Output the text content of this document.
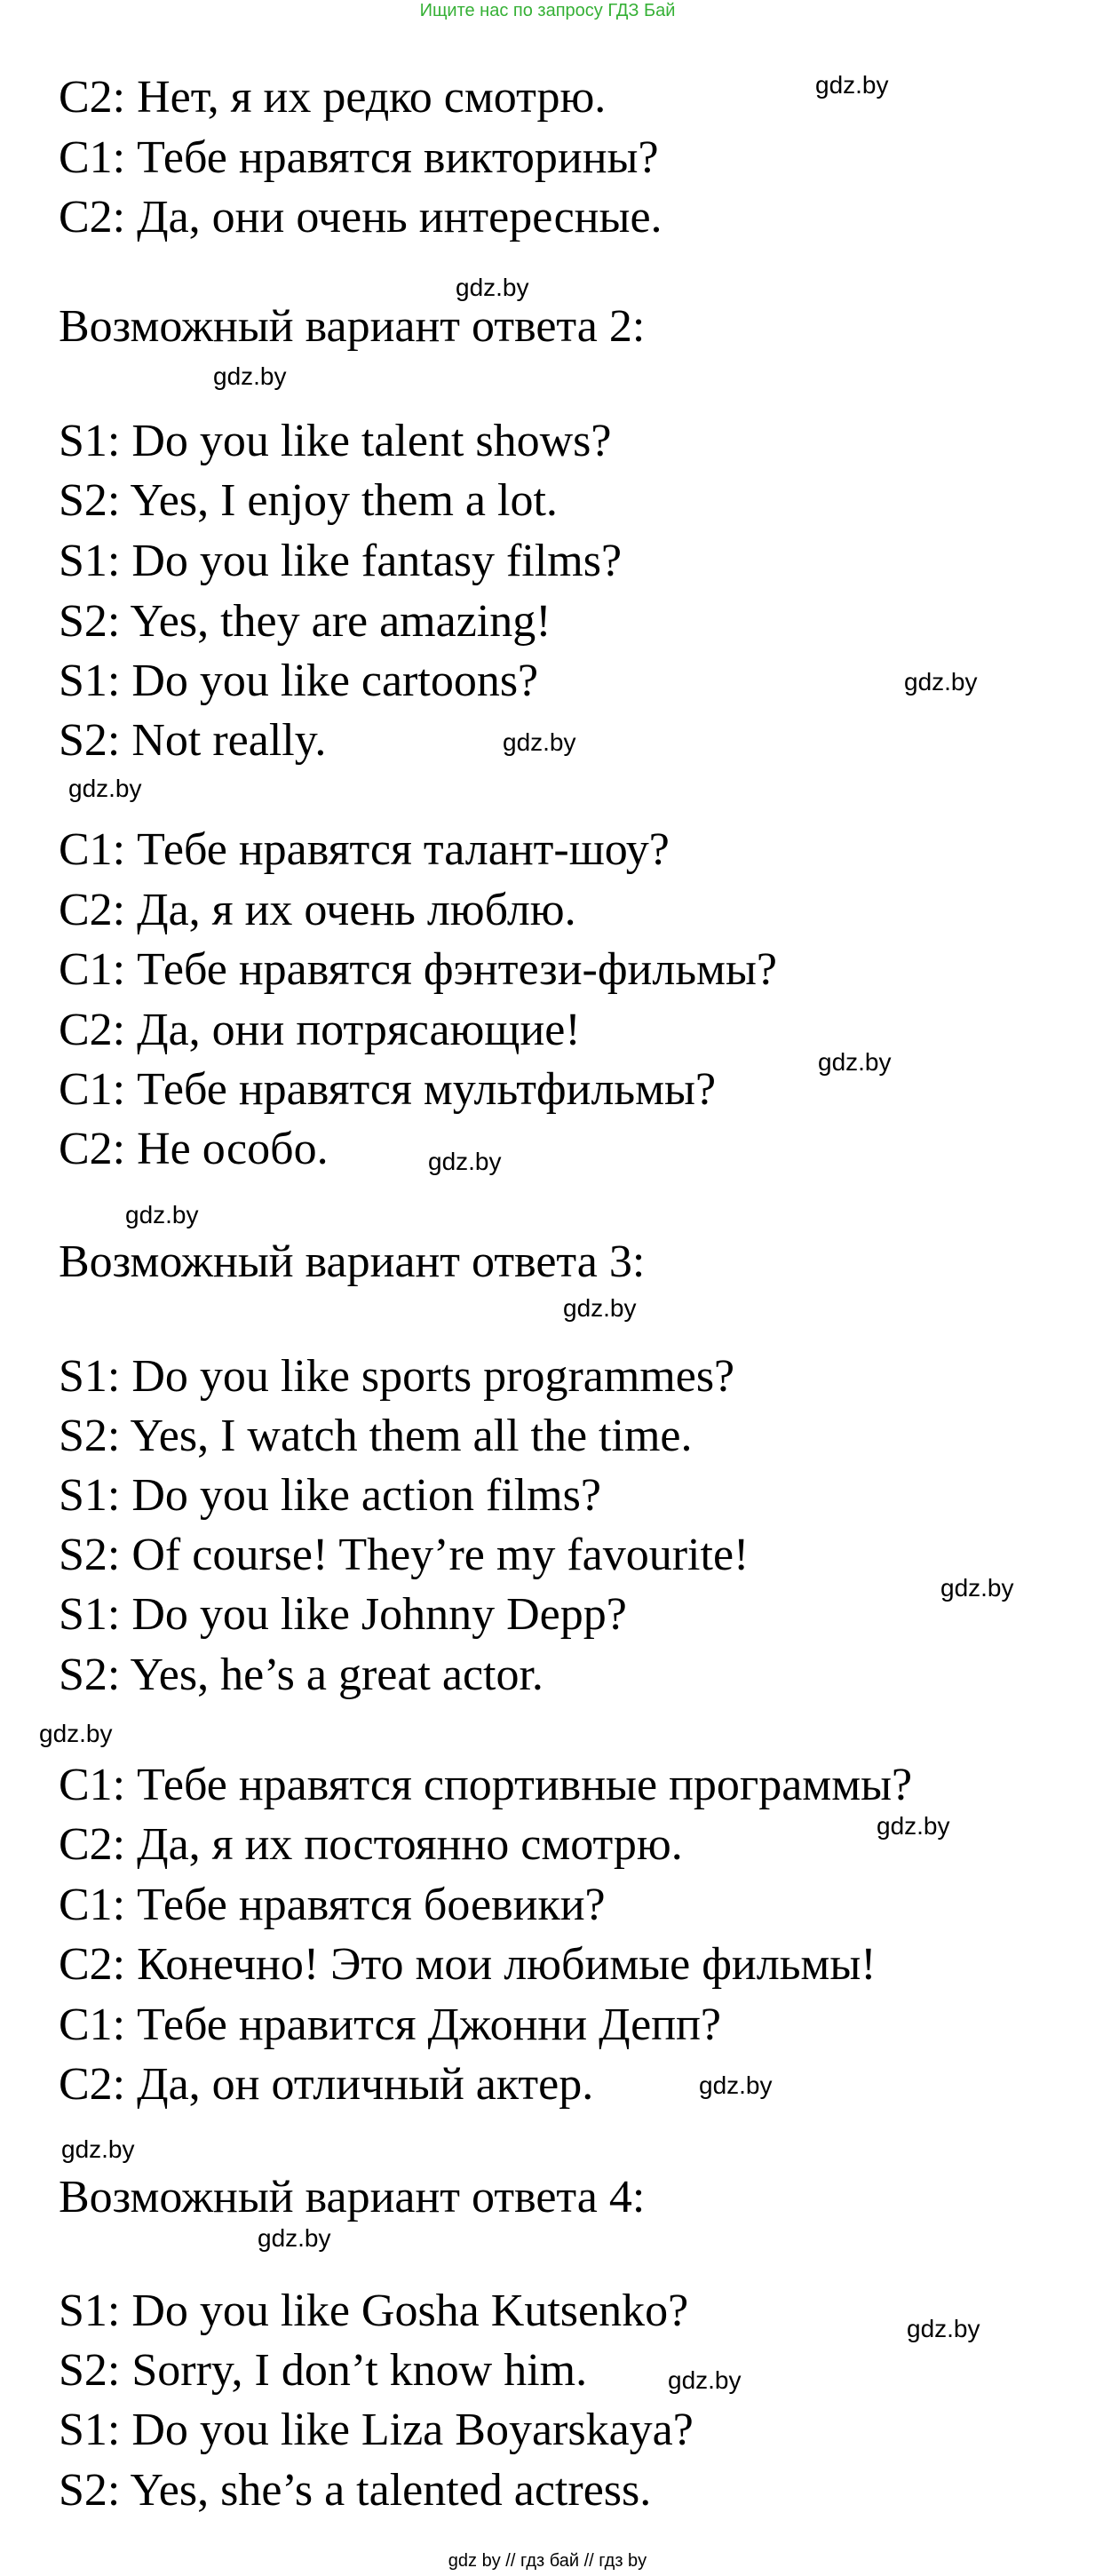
Ищите нас по запросу ГДЗ Бай
C2: Нет, я их редко смотрю.
C1: Тебе нравятся викторины?
C2: Да, они очень интересные.
Возможный вариант ответа 2:
S1: Do you like talent shows?
S2: Yes, I enjoy them a lot.
S1: Do you like fantasy films?
S2: Yes, they are amazing!
S1: Do you like cartoons?
S2: Not really.
C1: Тебе нравятся талант-шоу?
C2: Да, я их очень люблю.
C1: Тебе нравятся фэнтези-фильмы?
C2: Да, они потрясающие!
C1: Тебе нравятся мультфильмы?
C2: Не особо.
Возможный вариант ответа 3:
S1: Do you like sports programmes?
S2: Yes, I watch them all the time.
S1: Do you like action films?
S2: Of course! They’re my favourite!
S1: Do you like Johnny Depp?
S2: Yes, he’s a great actor.
C1: Тебе нравятся спортивные программы?
C2: Да, я их постоянно смотрю.
C1: Тебе нравятся боевики?
C2: Конечно! Это мои любимые фильмы!
C1: Тебе нравится Джонни Депп?
C2: Да, он отличный актер.
Возможный вариант ответа 4:
S1: Do you like Gosha Kutsenko?
S2: Sorry, I don’t know him.
S1: Do you like Liza Boyarskaya?
S2: Yes, she’s a talented actress.
gdz.by
gdz.by
gdz.by
gdz.by
gdz.by
gdz.by
gdz.by
gdz.by
gdz.by
gdz.by
gdz.by
gdz.by
gdz.by
gdz.by
gdz.by
gdz.by
gdz.by
gdz.by
gdz by // гдз бай // гдз by
